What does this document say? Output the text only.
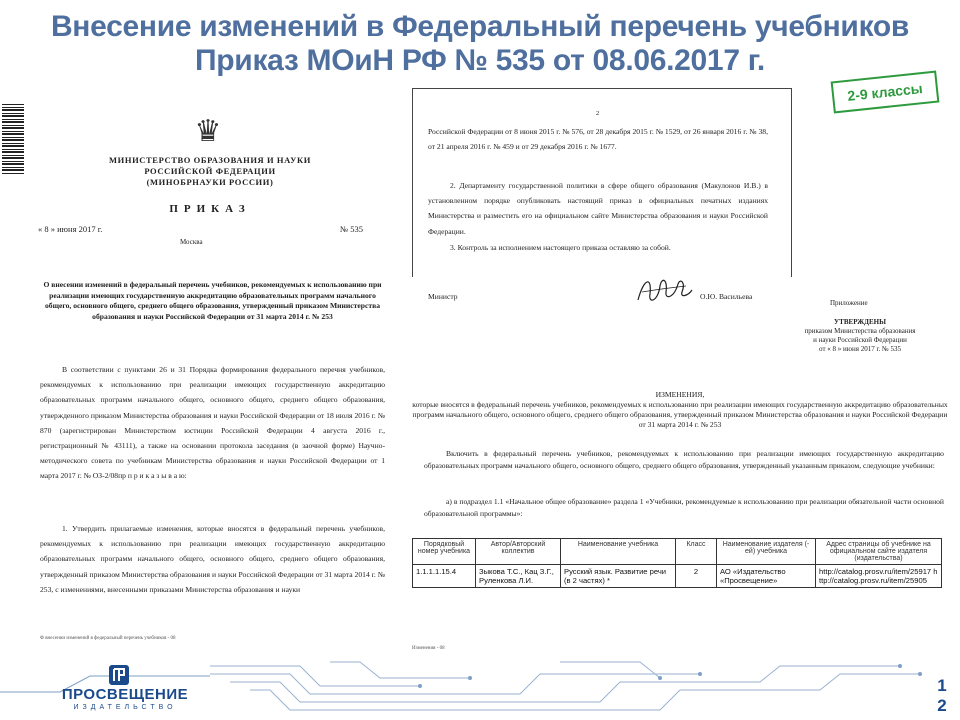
Внесение изменений в Федеральный перечень учебников
Приказ МОиН РФ № 535 от 08.06.2017 г.
2-9 классы
♛
МИНИСТЕРСТВО ОБРАЗОВАНИЯ И НАУКИ
РОССИЙСКОЙ ФЕДЕРАЦИИ
(МИНОБРНАУКИ РОССИИ)
ПРИКАЗ
« 8 » июня 2017 г.	№ 535
Москва
О внесении изменений в федеральный перечень учебников, рекомендуемых к использованию при реализации имеющих государственную аккредитацию образовательных программ начального общего, основного общего, среднего общего образования, утвержденный приказом Министерства образования и науки Российской Федерации от 31 марта 2014 г. № 253
В соответствии с пунктами 26 и 31 Порядка формирования федерального перечня учебников, рекомендуемых к использованию при реализации имеющих государственную аккредитацию образовательных программ начального общего, основного общего, среднего общего образования, утвержденного приказом Министерства образования и науки Российской Федерации от 18 июля 2016 г. № 870 (зарегистрирован Министерством юстиции Российской Федерации 4 августа 2016 г., регистрационный № 43111), а также на основании протокола заседания (в заочной форме) Научно-методического совета по учебникам Министерства образования и науки Российской Федерации от 1 марта 2017 г. № ОЗ-2/08пр п р и к а з ы в а ю:
1. Утвердить прилагаемые изменения, которые вносятся в федеральный перечень учебников, рекомендуемых к использованию при реализации имеющих государственную аккредитацию образовательных программ начального общего, основного общего, среднего общего образования, утвержденный приказом Министерства образования и науки Российской Федерации от 31 марта 2014 г. № 253, с изменениями, внесенными приказами Министерства образования и науки
Ф внесении изменений в федеральный перечень учебников - 08
2
Российской Федерации от 8 июня 2015 г. № 576, от 28 декабря 2015 г. № 1529, от 26 января 2016 г. № 38, от 21 апреля 2016 г. № 459 и от 29 декабря 2016 г. № 1677.
2. Департаменту государственной политики в сфере общего образования (Макулонов И.В.) в установленном порядке опубликовать настоящий приказ в официальных печатных изданиях Министерства и разместить его на официальном сайте Министерства образования и науки Российской Федерации.
3. Контроль за исполнением настоящего приказа оставляю за собой.
Министр	О.Ю. Васильева
Приложение
УТВЕРЖДЕНЫ
приказом Министерства образования
и науки Российской Федерации
от « 8 » июня 2017 г. № 535
ИЗМЕНЕНИЯ,
которые вносятся в федеральный перечень учебников, рекомендуемых к использованию при реализации имеющих государственную аккредитацию образовательных программ начального общего, основного общего, среднего общего образования, утвержденный приказом Министерства образования и науки Российской Федерации от 31 марта 2014 г. № 253
Включить в федеральный перечень учебников, рекомендуемых к использованию при реализации имеющих государственную аккредитацию образовательных программ начального общего, основного общего, среднего общего образования, утвержденный указанным приказом, следующие учебники:
а) в подраздел 1.1 «Начальное общее образование» раздела 1 «Учебники, рекомендуемые к использованию при реализации обязательной части основной образовательной программы»:
Порядковый номер учебника	Автор/Авторский коллектив	Наименование учебника	Класс	Наименование издателя (-ей) учебника	Адрес страницы об учебнике на официальном сайте издателя (издательства)
1.1.1.1.15.4	Зыкова Т.С., Кац З.Г., Руленкова Л.И.	Русский язык. Развитие речи (в 2 частях) *	2	АО «Издательство «Просвещение»	http://catalog.prosv.ru/item/25917 http://catalog.prosv.ru/item/25905
Изменения - 08
ПРОСВЕЩЕНИЕ
ИЗДАТЕЛЬСТВО
1
2
